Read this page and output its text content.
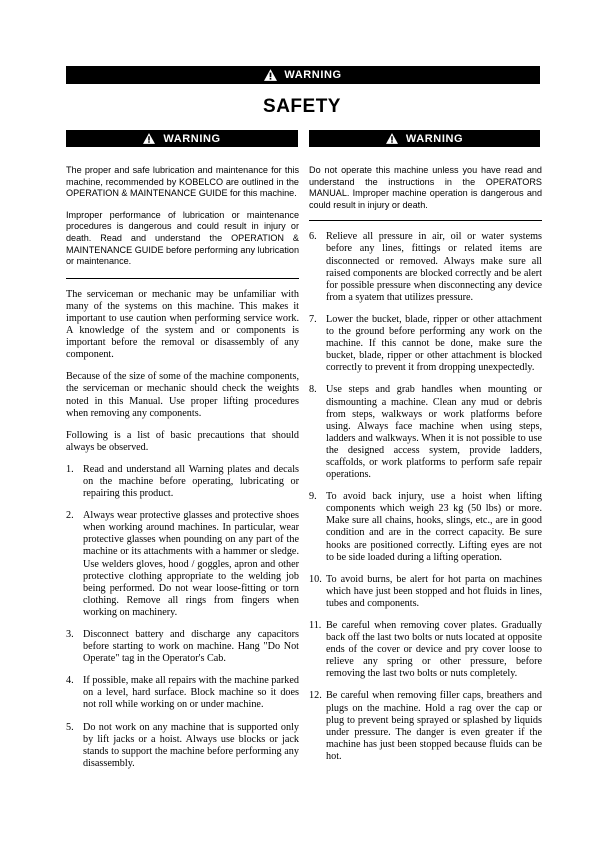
WARNING
SAFETY
WARNING	WARNING

The proper and safe lubrication and maintenance for this machine, recommended by KOBELCO are outlined in the OPERATION & MAINTENANCE GUIDE for this machine.

Improper performance of lubrication or maintenance procedures is dangerous and could result in injury or death. Read and understand the OPERATION & MAINTENANCE GUIDE before performing any lubrication or maintenance.

The serviceman or mechanic may be unfamiliar with many of the systems on this machine. This makes it important to use caution when performing service work. A knowledge of the system and or components is important before the removal or disassembly of any component.

Because of the size of some of the machine components, the serviceman or mechanic should check the weights noted in this Manual. Use proper lifting procedures when removing any components.

Following is a list of basic precautions that should always be observed.

1. Read and understand all Warning plates and decals on the machine before operating, lubricating or repairing this product.
2. Always wear protective glasses and protective shoes when working around machines. In particular, wear protective glasses when pounding on any part of the machine or its attachments with a hammer or sledge. Use welders gloves, hood / goggles, apron and other protective clothing appropriate to the welding job being performed. Do not wear loose-fitting or torn clothing. Remove all rings from fingers when working on machinery.
3. Disconnect battery and discharge any capacitors before starting to work on machine. Hang "Do Not Operate" tag in the Operator's Cab.
4. If possible, make all repairs with the machine parked on a level, hard surface. Block machine so it does not roll while working on or under machine.
5. Do not work on any machine that is supported only by lift jacks or a hoist. Always use blocks or jack stands to support the machine before performing any disassembly.

Do not operate this machine unless you have read and understand the instructions in the OPERATORS MANUAL. Improper machine operation is dangerous and could result in injury or death.

6. Relieve all pressure in air, oil or water systems before any lines, fittings or related items are disconnected or removed. Always make sure all raised components are blocked correctly and be alert for possible pressure when disconnecting any device from a syatem that utilizes pressure.
7. Lower the bucket, blade, ripper or other attachment to the ground before performing any work on the machine. If this cannot be done, make sure the bucket, blade, ripper or other attachment is blocked correctly to prevent it from dropping unexpectedly.
8. Use steps and grab handles when mounting or dismounting a machine. Clean any mud or debris from steps, walkways or work platforms before using. Always face machine when using steps, ladders and walkways. When it is not possible to use the designed access system, provide ladders, scaffolds, or work platforms to perform safe repair operations.
9. To avoid back injury, use a hoist when lifting components which weigh 23 kg (50 lbs) or more. Make sure all chains, hooks, slings, etc., are in good condition and are in the correct capacity. Be sure hooks are positioned correctly. Lifting eyes are not to be side loaded during a lifting operation.
10. To avoid burns, be alert for hot parta on machines which have just been stopped and hot fluids in lines, tubes and components.
11. Be careful when removing cover plates. Gradually back off the last two bolts or nuts located at opposite ends of the cover or device and pry cover loose to relieve any spring or other pressure, before removing the last two bolts or nuts completely.
12. Be careful when removing filler caps, breathers and plugs on the machine. Hold a rag over the cap or plug to prevent being sprayed or splashed by liquids under pressure. The danger is even greater if the machine has just been stopped because fluids can be hot.
